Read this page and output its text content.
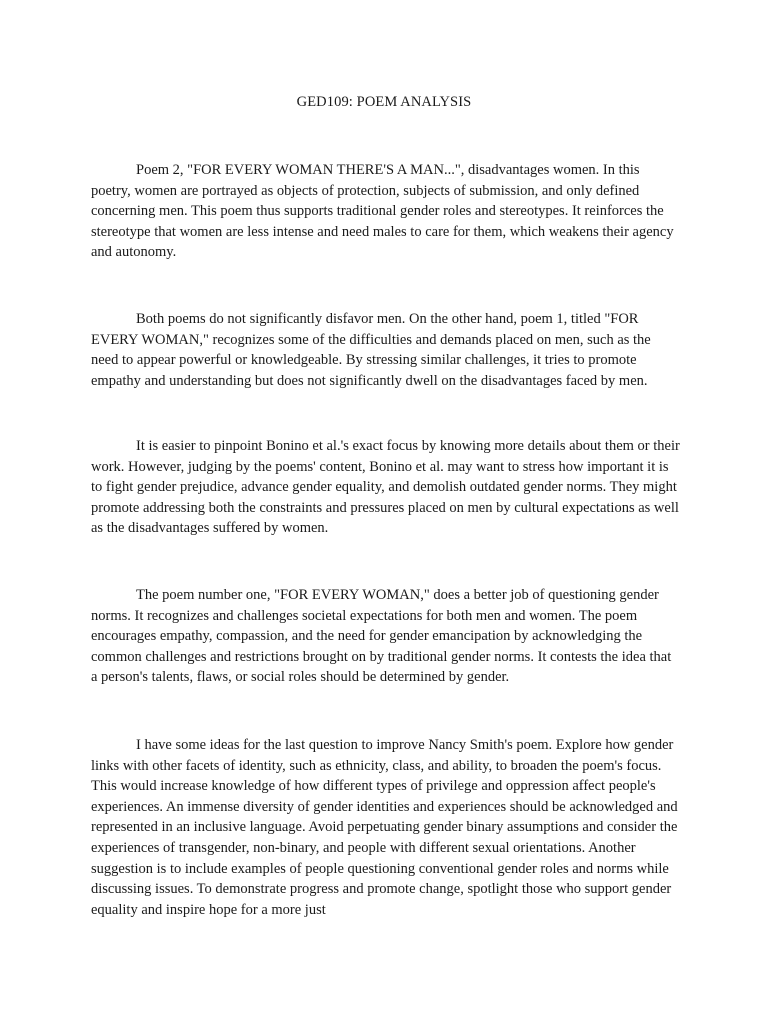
GED109: POEM ANALYSIS

Poem 2, "FOR EVERY WOMAN THERE'S A MAN...", disadvantages women. In this poetry, women are portrayed as objects of protection, subjects of submission, and only defined concerning men. This poem thus supports traditional gender roles and stereotypes. It reinforces the stereotype that women are less intense and need males to care for them, which weakens their agency and autonomy.

Both poems do not significantly disfavor men. On the other hand, poem 1, titled "FOR EVERY WOMAN," recognizes some of the difficulties and demands placed on men, such as the need to appear powerful or knowledgeable. By stressing similar challenges, it tries to promote empathy and understanding but does not significantly dwell on the disadvantages faced by men.

It is easier to pinpoint Bonino et al.'s exact focus by knowing more details about them or their work. However, judging by the poems' content, Bonino et al. may want to stress how important it is to fight gender prejudice, advance gender equality, and demolish outdated gender norms. They might promote addressing both the constraints and pressures placed on men by cultural expectations as well as the disadvantages suffered by women.

The poem number one, "FOR EVERY WOMAN," does a better job of questioning gender norms. It recognizes and challenges societal expectations for both men and women. The poem encourages empathy, compassion, and the need for gender emancipation by acknowledging the common challenges and restrictions brought on by traditional gender norms. It contests the idea that a person's talents, flaws, or social roles should be determined by gender.

I have some ideas for the last question to improve Nancy Smith's poem. Explore how gender links with other facets of identity, such as ethnicity, class, and ability, to broaden the poem's focus. This would increase knowledge of how different types of privilege and oppression affect people's experiences. An immense diversity of gender identities and experiences should be acknowledged and represented in an inclusive language. Avoid perpetuating gender binary assumptions and consider the experiences of transgender, non-binary, and people with different sexual orientations. Another suggestion is to include examples of people questioning conventional gender roles and norms while discussing issues. To demonstrate progress and promote change, spotlight those who support gender equality and inspire hope for a more just
